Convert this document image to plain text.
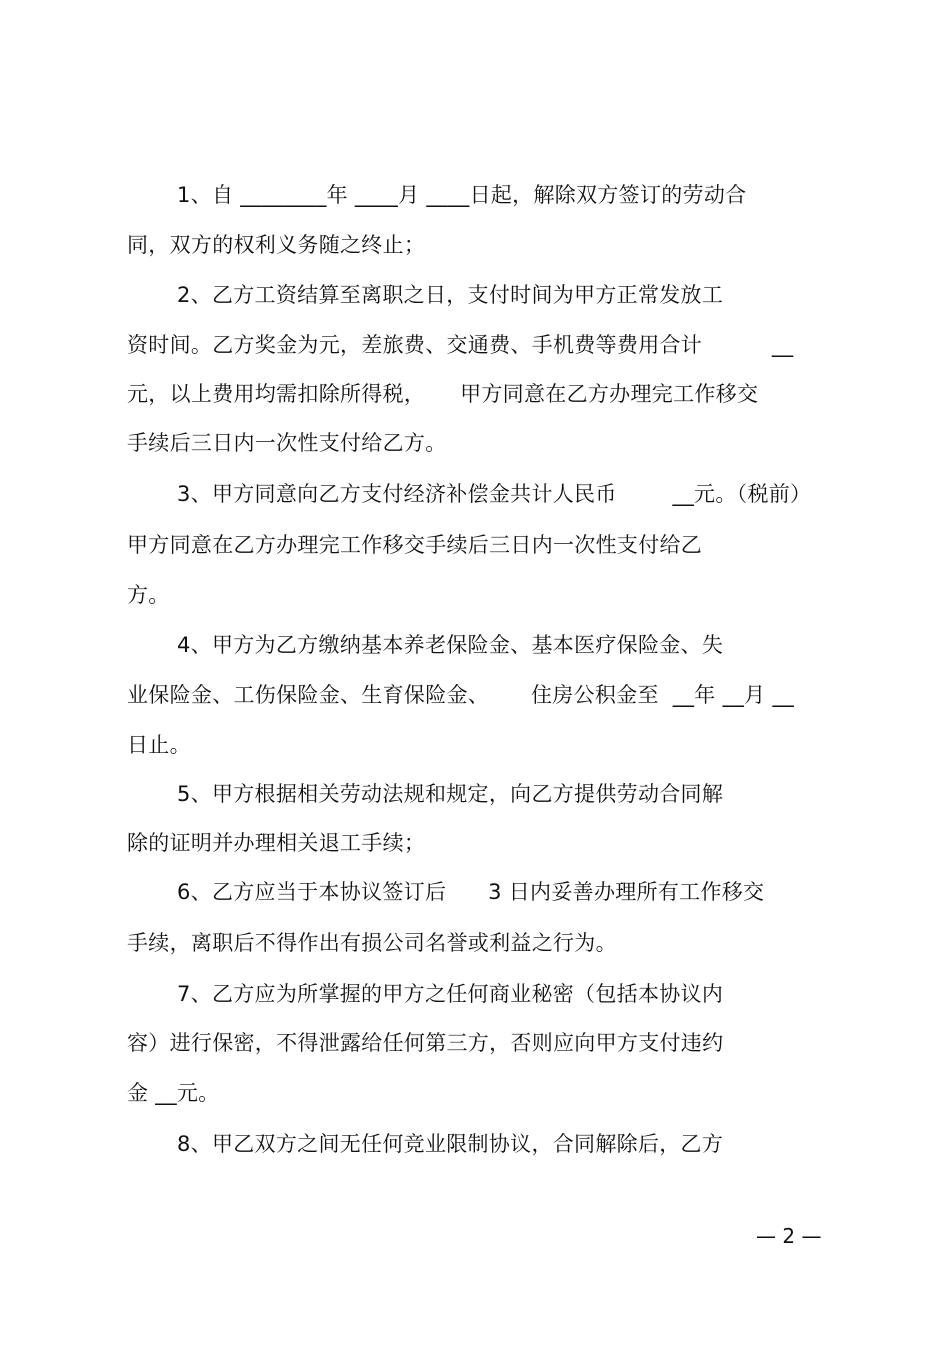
1、自 ________年 ____月 ____日起，解除双方签订的劳动合
同，双方的权利义务随之终止；
2、乙方工资结算至离职之日，支付时间为甲方正常发放工
资时间。乙方奖金为元，差旅费、交通费、手机费等费用合计          __
元，以上费用均需扣除所得税，     甲方同意在乙方办理完工作移交
手续后三日内一次性支付给乙方。
3、甲方同意向乙方支付经济补偿金共计人民币        __元。（税前）
甲方同意在乙方办理完工作移交手续后三日内一次性支付给乙
方。
4、甲方为乙方缴纳基本养老保险金、基本医疗保险金、失
业保险金、工伤保险金、生育保险金、      住房公积金至  __年 __月 __
日止。
5、甲方根据相关劳动法规和规定，向乙方提供劳动合同解
除的证明并办理相关退工手续；
6、乙方应当于本协议签订后      3 日内妥善办理所有工作移交
手续，离职后不得作出有损公司名誉或利益之行为。
7、乙方应为所掌握的甲方之任何商业秘密（包括本协议内
容）进行保密，不得泄露给任何第三方，否则应向甲方支付违约
金 __元。
8、甲乙双方之间无任何竞业限制协议，合同解除后，乙方
— 2 —
